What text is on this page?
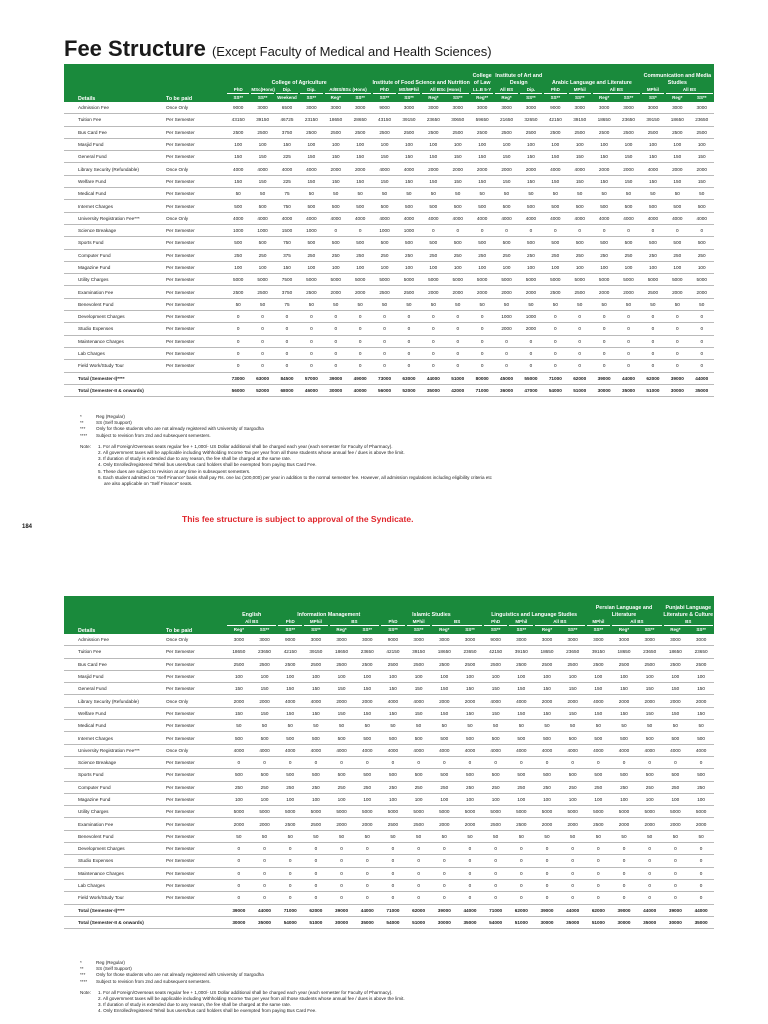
Fee Structure (Except Faculty of Medical and Health Sciences)
Details	To be paid	College of Agriculture						Institute of Food Science and Nutrition				College of Law	Institute of Art and Design		Arabic Language and Literature				Communication and Media Studies		

		PhD	MSc(Hons)	Dip.	Dip.	AI/BS/BSc (Hons)		PhD	MS/MPhil	All BSc (Hons)		LL.B 5-Y	All BS	Dip.	PhD	MPhil	All BS		MPhil	All BS	

		SS**	SS**	Weekend	SS**	Reg*	SS**	SS**	SS**	Reg*	SS**	Reg**	Reg*	SS**	SS**	SS**	Reg*	SS**	SS*	Reg*	SS**

Admission Fee	Once Only	9000	3000	6500	3000	3000	3000	9000	3000	3000	3000	3000	3000	3000	9000	3000	3000	3000	3000	3000	3000
Tuition Fee	Per Semester	43150	39150	46725	23150	18650	28650	43150	39150	23650	30650	59650	21650	32650	42150	39150	18650	23650	39150	18650	23650
Bus Card Fee	Per Semester	2500	2500	3750	2500	2500	2500	2500	2500	2500	2500	2500	2500	2500	2500	2500	2500	2500	2500	2500	2500
Masjid Fund	Per Semester	100	100	150	100	100	100	100	100	100	100	100	100	100	100	100	100	100	100	100	100
General Fund	Per Semester	150	150	225	150	150	150	150	150	150	150	150	150	150	150	150	150	150	150	150	150
Library Security (Refundable)	Once Only	4000	4000	4000	4000	2000	2000	4000	4000	2000	2000	2000	2000	2000	4000	4000	2000	2000	4000	2000	2000
Welfare Fund	Per Semester	150	150	225	150	150	150	150	150	150	150	150	150	150	150	150	150	150	150	150	150
Medical Fund	Per Semester	50	50	75	50	50	50	50	50	50	50	50	50	50	50	50	50	50	50	50	50
Internet Charges	Per Semester	500	500	750	500	500	500	500	500	500	500	500	500	500	500	500	500	500	500	500	500
University Registration Fee***	Once Only	4000	4000	4000	4000	4000	4000	4000	4000	4000	4000	4000	4000	4000	4000	4000	4000	4000	4000	4000	4000
Science Breakage	Per Semester	1000	1000	1500	1000	0	0	1000	1000	0	0	0	0	0	0	0	0	0	0	0	0
Sports Fund	Per Semester	500	500	750	500	500	500	500	500	500	500	500	500	500	500	500	500	500	500	500	500
Computer Fund	Per Semester	250	250	375	250	250	250	250	250	250	250	250	250	250	250	250	250	250	250	250	250
Magazine Fund	Per Semester	100	100	150	100	100	100	100	100	100	100	100	100	100	100	100	100	100	100	100	100
Utility Charges	Per Semester	5000	5000	7500	5000	5000	5000	5000	5000	5000	5000	5000	5000	5000	5000	5000	5000	5000	5000	5000	5000
Examination Fee	Per Semester	2500	2500	3750	2500	2000	2000	2500	2500	2000	2000	2000	2000	2000	2500	2500	2000	2000	2500	2000	2000
Benevolent Fund	Per Semester	50	50	75	50	50	50	50	50	50	50	50	50	50	50	50	50	50	50	50	50
Development Charges	Per Semester	0	0	0	0	0	0	0	0	0	0	0	1000	1000	0	0	0	0	0	0	0
Studio Expenses	Per Semester	0	0	0	0	0	0	0	0	0	0	0	2000	2000	0	0	0	0	0	0	0
Maintenance Charges	Per Semester	0	0	0	0	0	0	0	0	0	0	0	0	0	0	0	0	0	0	0	0
Lab Charges	Per Semester	0	0	0	0	0	0	0	0	0	0	0	0	0	0	0	0	0	0	0	0
Field Work/Study Tour	Per Semester	0	0	0	0	0	0	0	0	0	0	0	0	0	0	0	0	0	0	0	0
Total (Semester-I)****		73000	63000	84500	57000	39000	49000	73000	63000	44000	51000	80000	45000	55000	71000	62000	39000	44000	62000	39000	44000
Total (Semester-II & onwards)		56000	52000	68000	46000	30000	40000	56000	52000	35000	42000	71000	36000	47000	54000	51000	30000	35000	51000	30000	35000
*	Reg (Regular)
**	SS (Self Support)
***	Only for those students who are not already registered with University of Sargodha
****	Subject to revision from 2nd and subsequent semesters.
Note:	1. For all Foreign/Overseas seats regular fee + 1,000/- US Dollar additional shall be charged each year (each semester for Faculty of Pharmacy).
2. All government taxes will be applicable including Withholding Income Tax per year from all those students whose annual fee / dues is above the limit.
3. If duration of study is extended due to any reason, the fee shall be charged at the same rate.
4. Only Enrolled/registered Tehsil bus users/bus card holders shall be exempted from paying Bus Card Fee.
5. These dues are subject to revision at any time in subsequent semesters.
6. Each student admitted on "Self Finance" basis shall pay Rs. one lac (100,000) per year in addition to the normal semester fee. However, all admission regulations including eligibility criteria etc
are also applicable on "Self Finance" seats.

This fee structure is subject to approval of the Syndicate.

184

Details	To be paid	English		Information Management				Islamic Studies				Linguistics and Language Studies				Persian Language and Literature			Punjabi Language Literature & Culture	

		All BS		PhD	MPhil	BS		PhD	MPhil	BS		PhD	MPhil	All BS		MPhil	All BS		BS	

		Reg*	SS**	SS**	SS**	Reg*	SS**	SS**	SS**	Reg*	SS**	SS**	SS**	Reg*	SS**	SS**	Reg*	SS**	Reg*	SS**

Admission Fee	Once Only	3000	3000	9000	3000	3000	3000	9000	3000	3000	3000	9000	3000	3000	3000	3000	3000	3000	3000	3000
Tuition Fee	Per Semester	18650	23650	42150	39150	18650	23650	42150	39150	18650	23650	42150	39150	18650	23650	39150	18650	23650	18650	23650
Bus Card Fee	Per Semester	2500	2500	2500	2500	2500	2500	2500	2500	2500	2500	2500	2500	2500	2500	2500	2500	2500	2500	2500
Masjid Fund	Per Semester	100	100	100	100	100	100	100	100	100	100	100	100	100	100	100	100	100	100	100
General Fund	Per Semester	150	150	150	150	150	150	150	150	150	150	150	150	150	150	150	150	150	150	150
Library Security (Refundable)	Once Only	2000	2000	4000	4000	2000	2000	4000	4000	2000	2000	4000	4000	2000	2000	4000	2000	2000	2000	2000
Welfare Fund	Per Semester	150	150	150	150	150	150	150	150	150	150	150	150	150	150	150	150	150	150	150
Medical Fund	Per Semester	50	50	50	50	50	50	50	50	50	50	50	50	50	50	50	50	50	50	50
Internet Charges	Per Semester	500	500	500	500	500	500	500	500	500	500	500	500	500	500	500	500	500	500	500
University Registration Fee***	Once Only	4000	4000	4000	4000	4000	4000	4000	4000	4000	4000	4000	4000	4000	4000	4000	4000	4000	4000	4000
Science Breakage	Per Semester	0	0	0	0	0	0	0	0	0	0	0	0	0	0	0	0	0	0	0
Sports Fund	Per Semester	500	500	500	500	500	500	500	500	500	500	500	500	500	500	500	500	500	500	500
Computer Fund	Per Semester	250	250	250	250	250	250	250	250	250	250	250	250	250	250	250	250	250	250	250
Magazine Fund	Per Semester	100	100	100	100	100	100	100	100	100	100	100	100	100	100	100	100	100	100	100
Utility Charges	Per Semester	5000	5000	5000	5000	5000	5000	5000	5000	5000	5000	5000	5000	5000	5000	5000	5000	5000	5000	5000
Examination Fee	Per Semester	2000	2000	2500	2500	2000	2000	2500	2500	2000	2000	2500	2500	2000	2000	2500	2000	2000	2000	2000
Benevolent Fund	Per Semester	50	50	50	50	50	50	50	50	50	50	50	50	50	50	50	50	50	50	50
Development Charges	Per Semester	0	0	0	0	0	0	0	0	0	0	0	0	0	0	0	0	0	0	0
Studio Expenses	Per Semester	0	0	0	0	0	0	0	0	0	0	0	0	0	0	0	0	0	0	0
Maintenance Charges	Per Semester	0	0	0	0	0	0	0	0	0	0	0	0	0	0	0	0	0	0	0
Lab Charges	Per Semester	0	0	0	0	0	0	0	0	0	0	0	0	0	0	0	0	0	0	0
Field Work/Study Tour	Per Semester	0	0	0	0	0	0	0	0	0	0	0	0	0	0	0	0	0	0	0
Total (Semester-I)****		39000	44000	71000	62000	39000	44000	71000	62000	39000	44000	71000	62000	39000	44000	62000	39000	44000	39000	44000
Total (Semester-II & onwards)		30000	35000	54000	51000	30000	35000	54000	51000	30000	35000	54000	51000	30000	35000	51000	30000	35000	30000	35000
*	Reg (Regular)
**	SS (Self Support)
***	Only for those students who are not already registered with University of Sargodha
****	Subject to revision from 2nd and subsequent semesters.
Note:	1. For all Foreign/Overseas seats regular fee + 1,000/- US Dollar additional shall be charged each year (each semester for Faculty of Pharmacy).
2. All government taxes will be applicable including Withholding Income Tax per year from all those students whose annual fee / dues is above the limit.
3. If duration of study is extended due to any reason, the fee shall be charged at the same rate.
4. Only Enrolled/registered Tehsil bus users/bus card holders shall be exempted from paying Bus Card Fee.
